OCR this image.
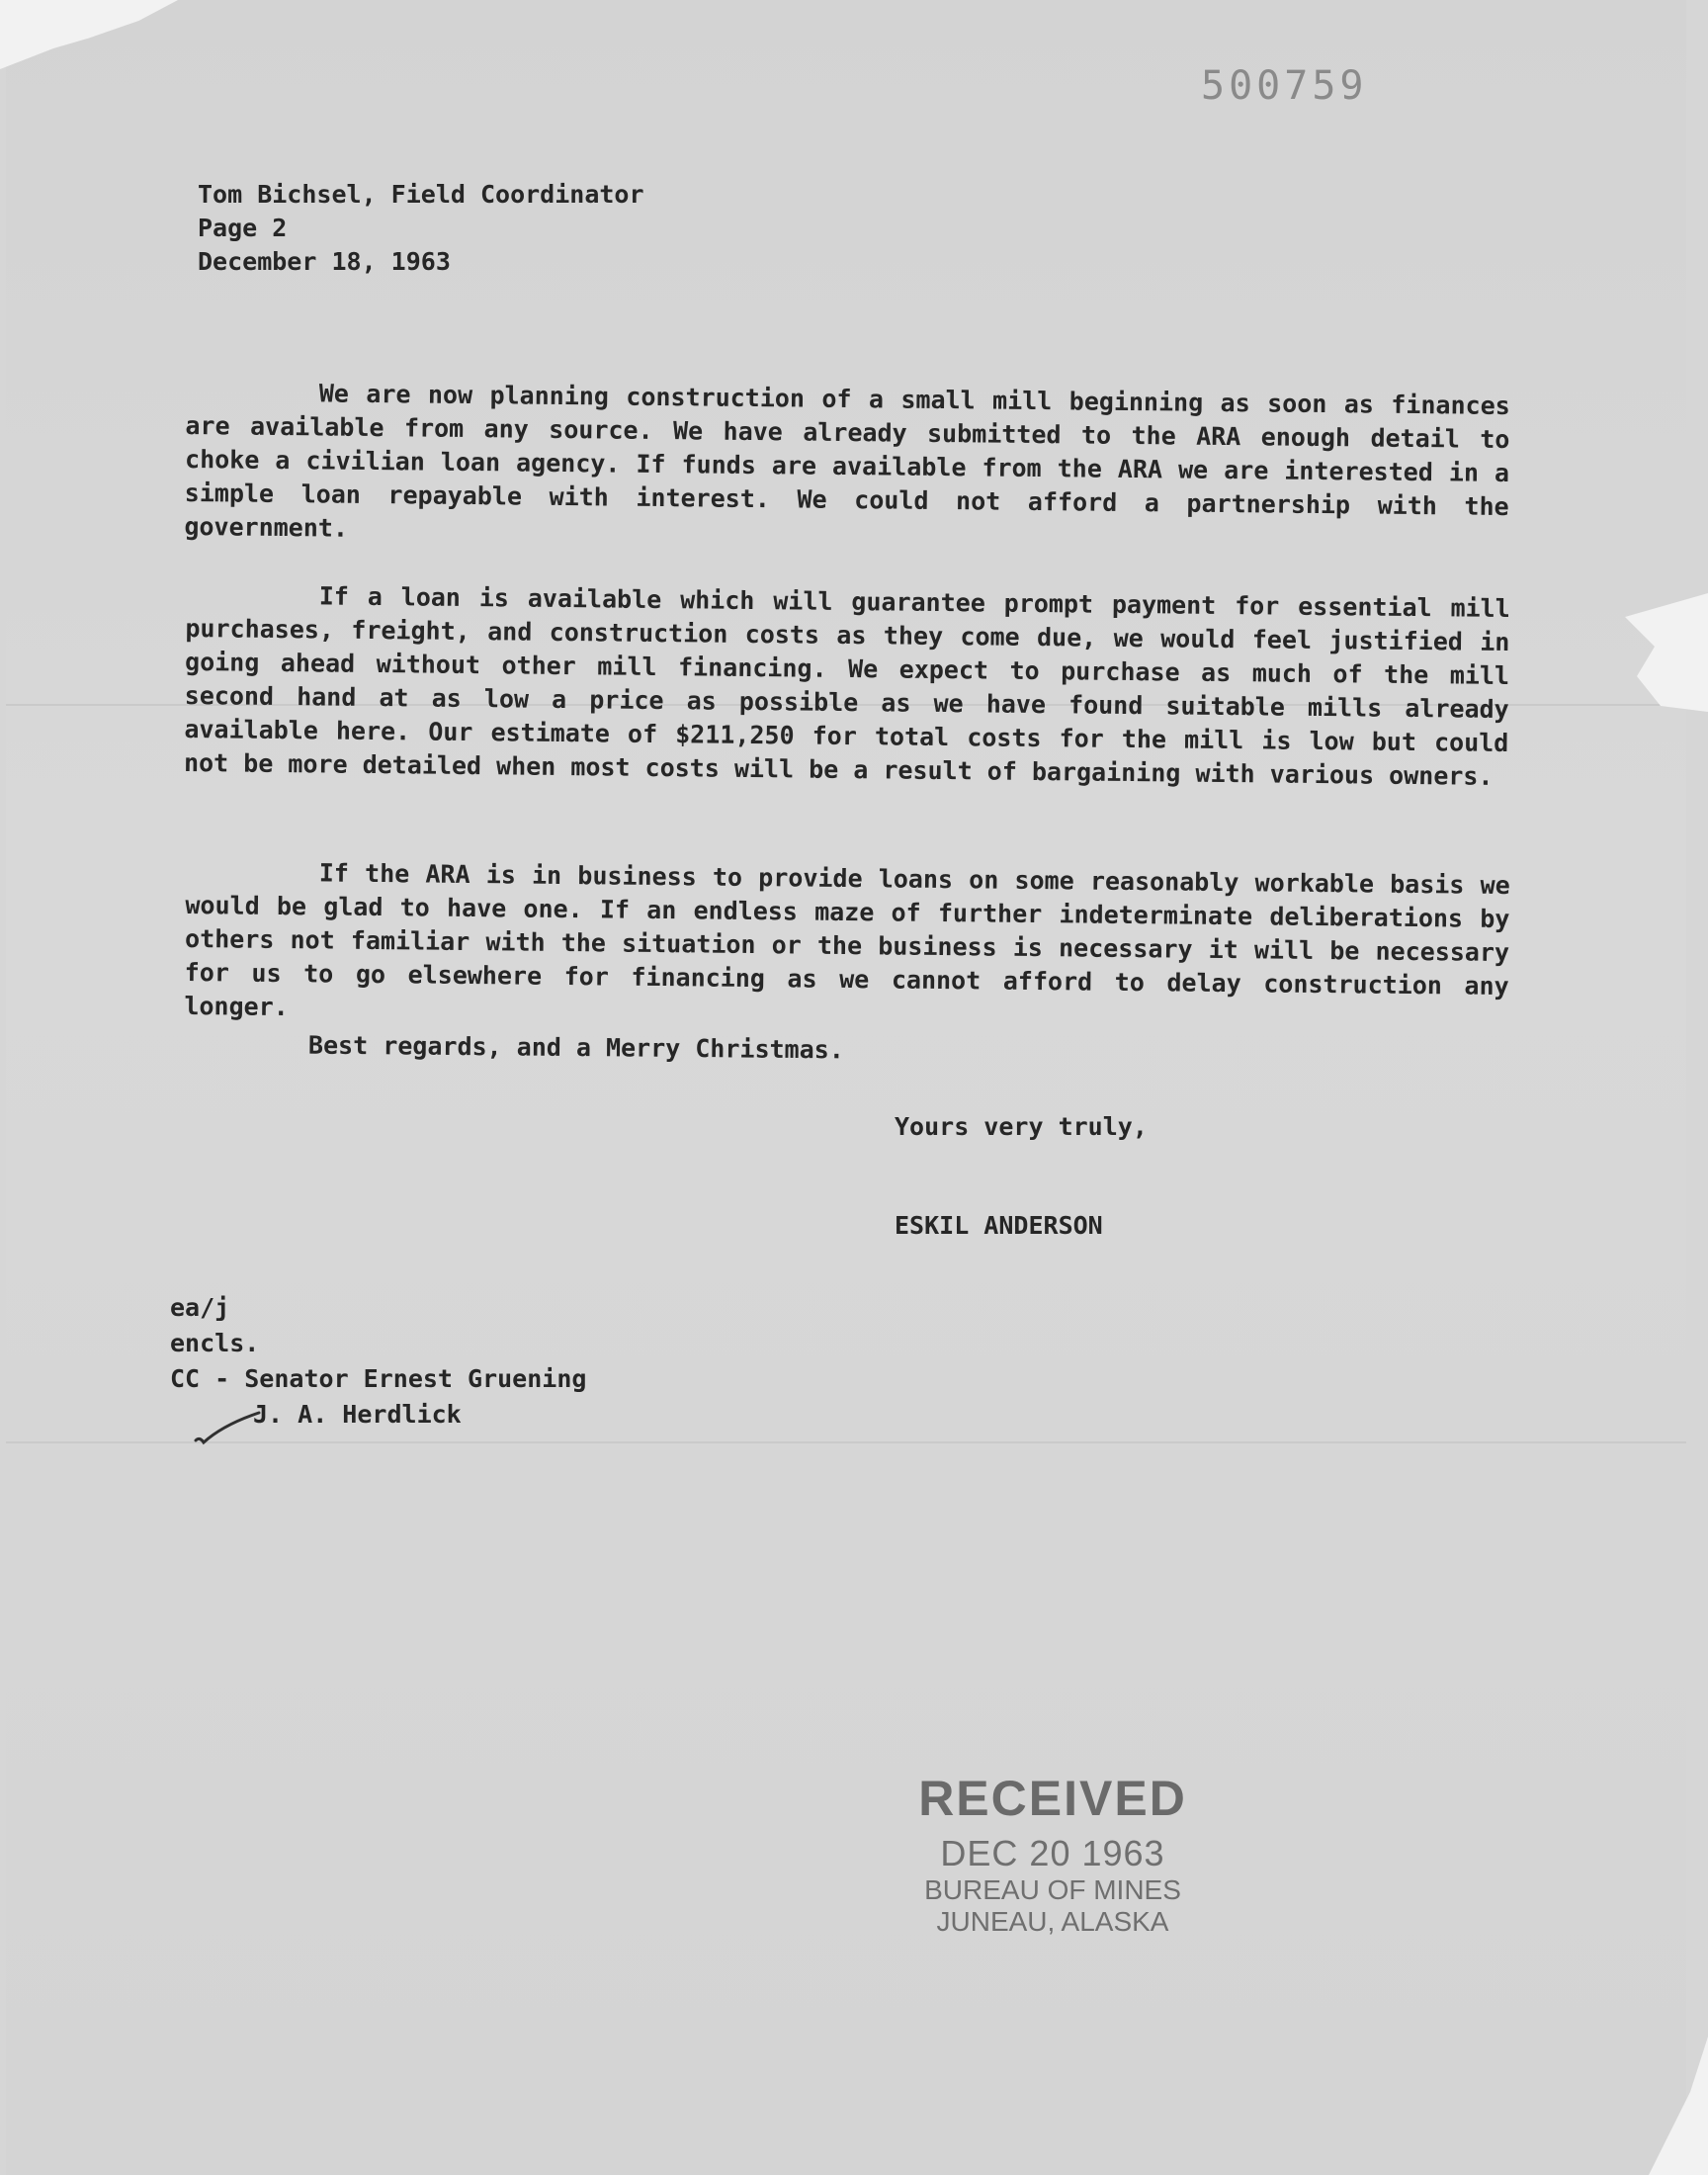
500759
Tom Bichsel, Field Coordinator
Page 2
December 18, 1963
We are now planning construction of a small mill beginning as soon as finances are available from any source. We have already submitted to the ARA enough detail to choke a civilian loan agency. If funds are available from the ARA we are interested in a simple loan repayable with interest. We could not afford a partnership with the government.
If a loan is available which will guarantee prompt payment for essential mill purchases, freight, and construction costs as they come due, we would feel justified in going ahead without other mill financing. We expect to purchase as much of the mill second hand at as low a price as possible as we have found suitable mills already available here. Our estimate of $211,250 for total costs for the mill is low but could not be more detailed when most costs will be a result of bargaining with various owners.
If the ARA is in business to provide loans on some reasonably workable basis we would be glad to have one. If an endless maze of further indeterminate deliberations by others not familiar with the situation or the business is necessary it will be necessary for us to go elsewhere for financing as we cannot afford to delay construction any longer.
Best regards, and a Merry Christmas.
Yours very truly,
ESKIL ANDERSON
ea/j
encls.
CC - Senator Ernest Gruening
J. A. Herdlick
RECEIVED
DEC 20 1963
BUREAU OF MINES
JUNEAU, ALASKA
